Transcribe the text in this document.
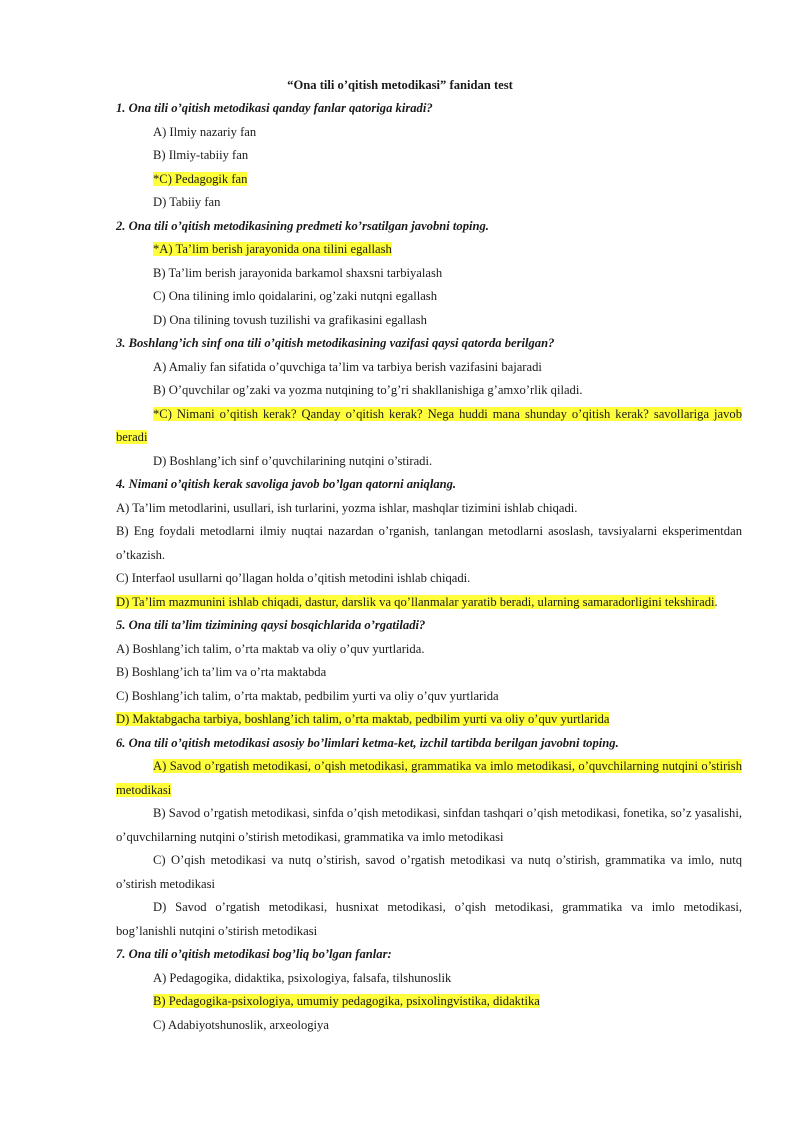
“Ona tili o’qitish metodikasi” fanidan test
1. Ona tili o’qitish metodikasi qanday fanlar qatoriga kiradi?
A) Ilmiy nazariy fan
B) Ilmiy-tabiiy fan
*C) Pedagogik fan
D) Tabiiy fan
2. Ona tili o’qitish metodikasining predmeti ko’rsatilgan javobni toping.
*A) Ta’lim berish jarayonida ona tilini egallash
B) Ta’lim berish jarayonida barkamol shaxsni tarbiyalash
C) Ona tilining imlo qoidalarini, og’zaki nutqni egallash
D) Ona tilining tovush tuzilishi va grafikasini egallash
3. Boshlang’ich sinf ona tili o’qitish metodikasining vazifasi qaysi qatorda berilgan?
A) Amaliy fan sifatida o’quvchiga ta’lim va tarbiya berish vazifasini bajaradi
B) O’quvchilar og’zaki va yozma nutqining to’g’ri shakllanishiga g’amxo’rlik qiladi.
*C) Nimani o’qitish kerak? Qanday o’qitish kerak? Nega huddi mana shunday o’qitish kerak? savollariga javob beradi
D) Boshlang’ich sinf o’quvchilarining nutqini o’stiradi.
4. Nimani o’qitish kerak savoliga javob bo’lgan qatorni aniqlang.
A) Ta’lim metodlarini, usullari, ish turlarini, yozma ishlar, mashqlar tizimini ishlab chiqadi.
B) Eng foydali metodlarni ilmiy nuqtai nazardan o’rganish, tanlangan metodlarni asoslash, tavsiyalarni eksperimentdan o’tkazish.
C) Interfaol usullarni qo’llagan holda o’qitish metodini ishlab chiqadi.
D) Ta’lim mazmunini ishlab chiqadi, dastur, darslik va qo’llanmalar yaratib beradi, ularning samaradorligini tekshiradi.
5. Ona tili ta’lim tizimining qaysi bosqichlarida o’rgatiladi?
A) Boshlang’ich talim, o’rta maktab va oliy o’quv yurtlarida.
B) Boshlang’ich ta’lim va o’rta maktabda
C) Boshlang’ich talim, o’rta maktab, pedbilim yurti va oliy o’quv yurtlarida
D) Maktabgacha tarbiya, boshlang’ich talim, o’rta maktab, pedbilim yurti va oliy o’quv yurtlarida
6. Ona tili o’qitish metodikasi asosiy bo’limlari ketma-ket, izchil tartibda berilgan javobni toping.
A) Savod o’rgatish metodikasi, o’qish metodikasi, grammatika va imlo metodikasi, o’quvchilarning nutqini o’stirish metodikasi
B) Savod o’rgatish metodikasi, sinfda o’qish metodikasi, sinfdan tashqari o’qish metodikasi, fonetika, so’z yasalishi, o’quvchilarning nutqini o’stirish metodikasi, grammatika va imlo metodikasi
C) O’qish metodikasi va nutq o’stirish, savod o’rgatish metodikasi va nutq o’stirish, grammatika va imlo, nutq o’stirish metodikasi
D) Savod o’rgatish metodikasi, husnixat metodikasi, o’qish metodikasi, grammatika va imlo metodikasi, bog’lanishli nutqini o’stirish metodikasi
7. Ona tili o’qitish metodikasi bog’liq bo’lgan fanlar:
A) Pedagogika, didaktika, psixologiya, falsafa, tilshunoslik
B) Pedagogika-psixologiya, umumiy pedagogika, psixolingvistika, didaktika
C) Adabiyotshunoslik, arxeologiya
